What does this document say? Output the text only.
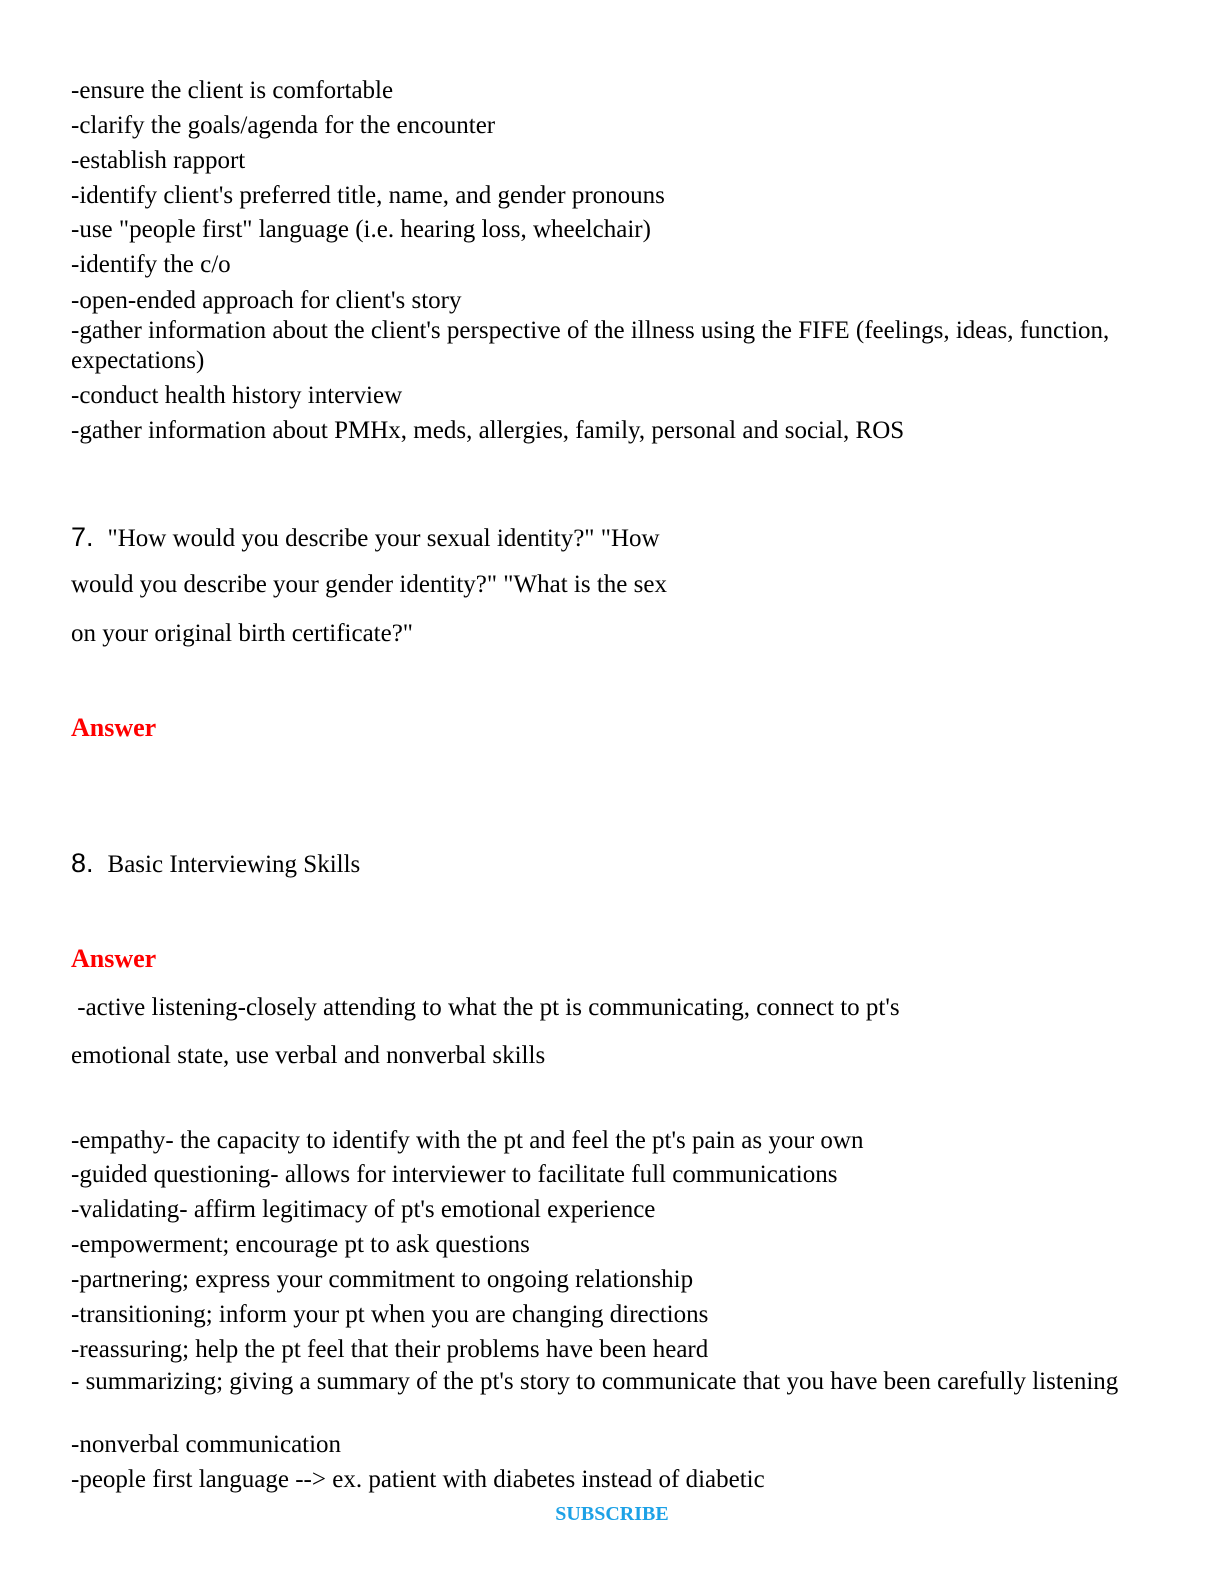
-ensure the client is comfortable
-clarify the goals/agenda for the encounter
-establish rapport
-identify client's preferred title, name, and gender pronouns
-use "people first" language (i.e. hearing loss, wheelchair)
-identify the c/o
-open-ended approach for client's story
-gather information about the client's perspective of the illness using the FIFE (feelings, ideas, function, expectations)
-conduct health history interview
-gather information about PMHx, meds, allergies, family, personal and social, ROS
7. "How would you describe your sexual identity?" "How
would you describe your gender identity?" "What is the sex
on your original birth certificate?"
Answer
8. Basic Interviewing Skills
Answer
-active listening-closely attending to what the pt is communicating, connect to pt's
emotional state, use verbal and nonverbal skills
-empathy- the capacity to identify with the pt and feel the pt's pain as your own
-guided questioning- allows for interviewer to facilitate full communications
-validating- affirm legitimacy of pt's emotional experience
-empowerment; encourage pt to ask questions
-partnering; express your commitment to ongoing relationship
-transitioning; inform your pt when you are changing directions
-reassuring; help the pt feel that their problems have been heard
- summarizing; giving a summary of the pt's story to communicate that you have been carefully listening
-nonverbal communication
-people first language --> ex. patient with diabetes instead of diabetic
SUBSCRIBE
